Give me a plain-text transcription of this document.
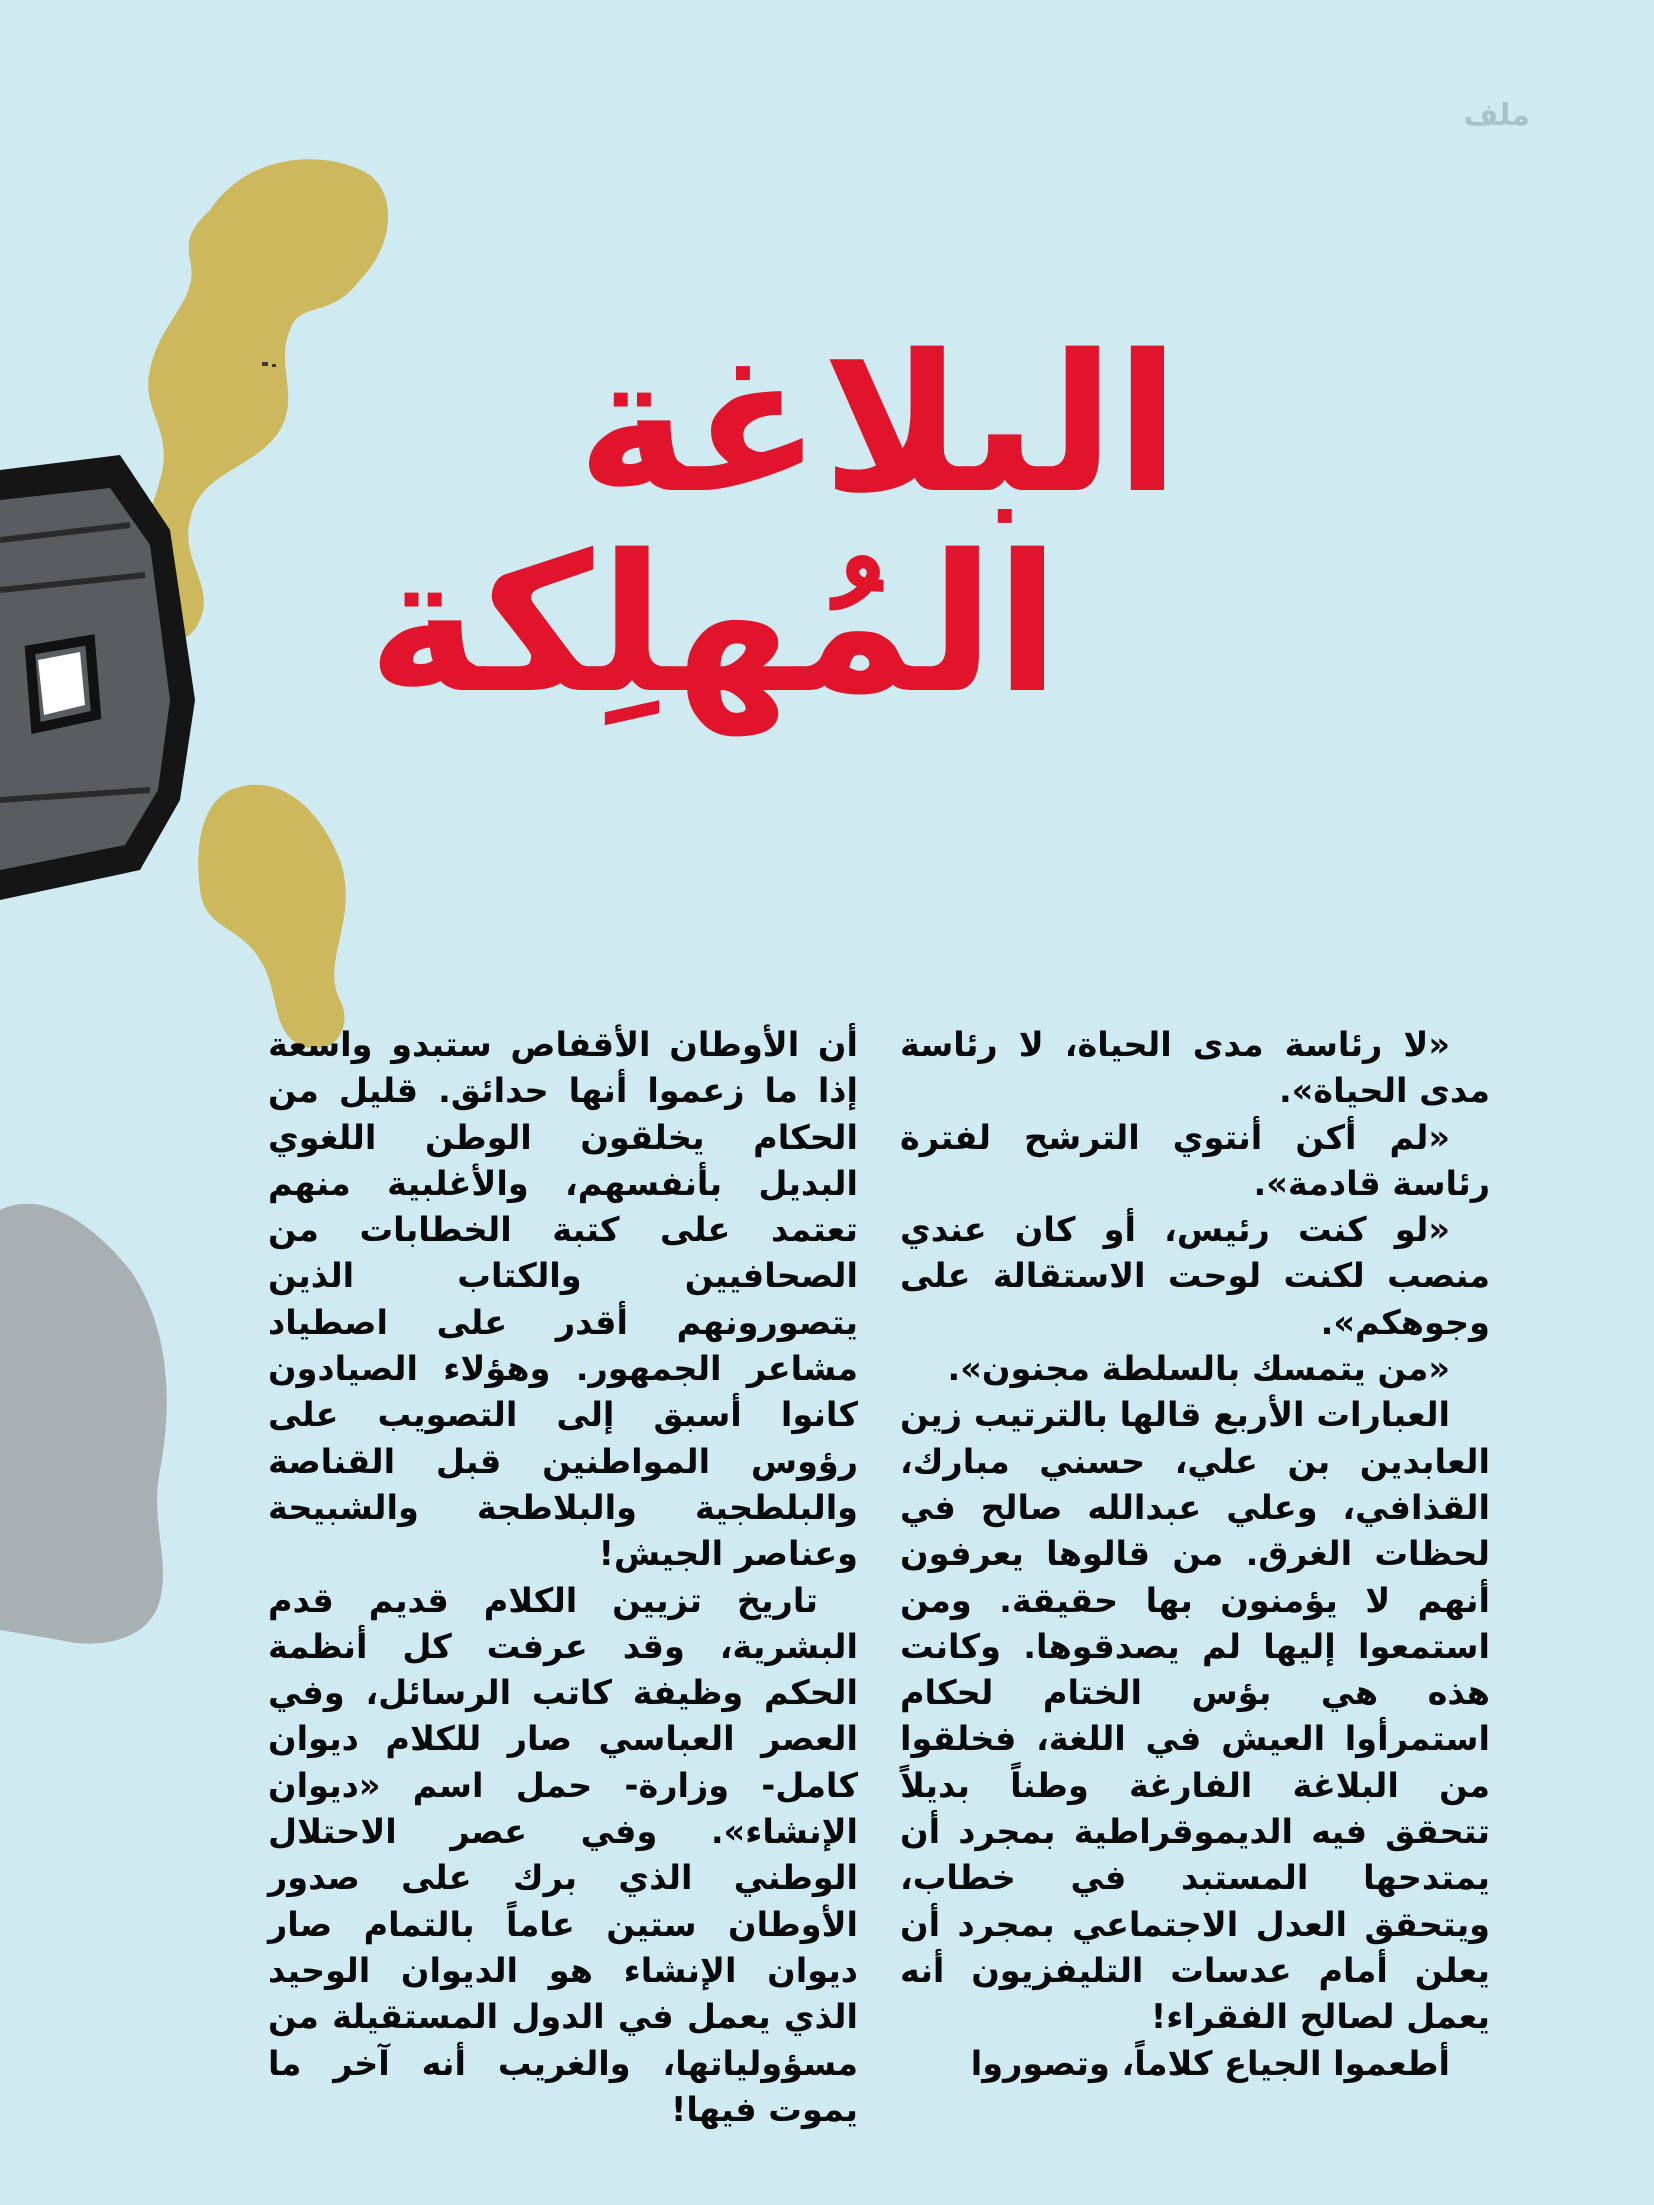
ملف
البلاغة
المُهلِكة

«لا رئاسة مدى الحياة، لا رئاسة مدى الحياة».

«لم أكن أنتوي الترشح لفترة رئاسة قادمة».

«لو كنت رئيس، أو كان عندي منصب لكنت لوحت الاستقالة على وجوهكم».

«من يتمسك بالسلطة مجنون».

العبارات الأربع قالها بالترتيب زين العابدين بن علي، حسني مبارك، القذافي، وعلي عبدالله صالح في لحظات الغرق. من قالوها يعرفون أنهم لا يؤمنون بها حقيقة. ومن استمعوا إليها لم يصدقوها. وكانت هذه هي بؤس الختام لحكام استمرأوا العيش في اللغة، فخلقوا من البلاغة الفارغة وطناً بديلاً تتحقق فيه الديموقراطية بمجرد أن يمتدحها المستبد في خطاب، ويتحقق العدل الاجتماعي بمجرد أن يعلن أمام عدسات التليفزيون أنه يعمل لصالح الفقراء!

أطعموا الجياع كلاماً، وتصوروا

أن الأوطان الأقفاص ستبدو واسعة إذا ما زعموا أنها حدائق. قليل من الحكام يخلقون الوطن اللغوي البديل بأنفسهم، والأغلبية منهم تعتمد على كتبة الخطابات من الصحافيين والكتاب الذين يتصورونهم أقدر على اصطياد مشاعر الجمهور. وهؤلاء الصيادون كانوا أسبق إلى التصويب على رؤوس المواطنين قبل القناصة والبلطجية والبلاطجة والشبيحة وعناصر الجيش!

تاريخ تزيين الكلام قديم قدم البشرية، وقد عرفت كل أنظمة الحكم وظيفة كاتب الرسائل، وفي العصر العباسي صار للكلام ديوان كامل- وزارة- حمل اسم «ديوان الإنشاء». وفي عصر الاحتلال الوطني الذي برك على صدور الأوطان ستين عاماً بالتمام صار ديوان الإنشاء هو الديوان الوحيد الذي يعمل في الدول المستقيلة من مسؤولياتها، والغريب أنه آخر ما يموت فيها!
